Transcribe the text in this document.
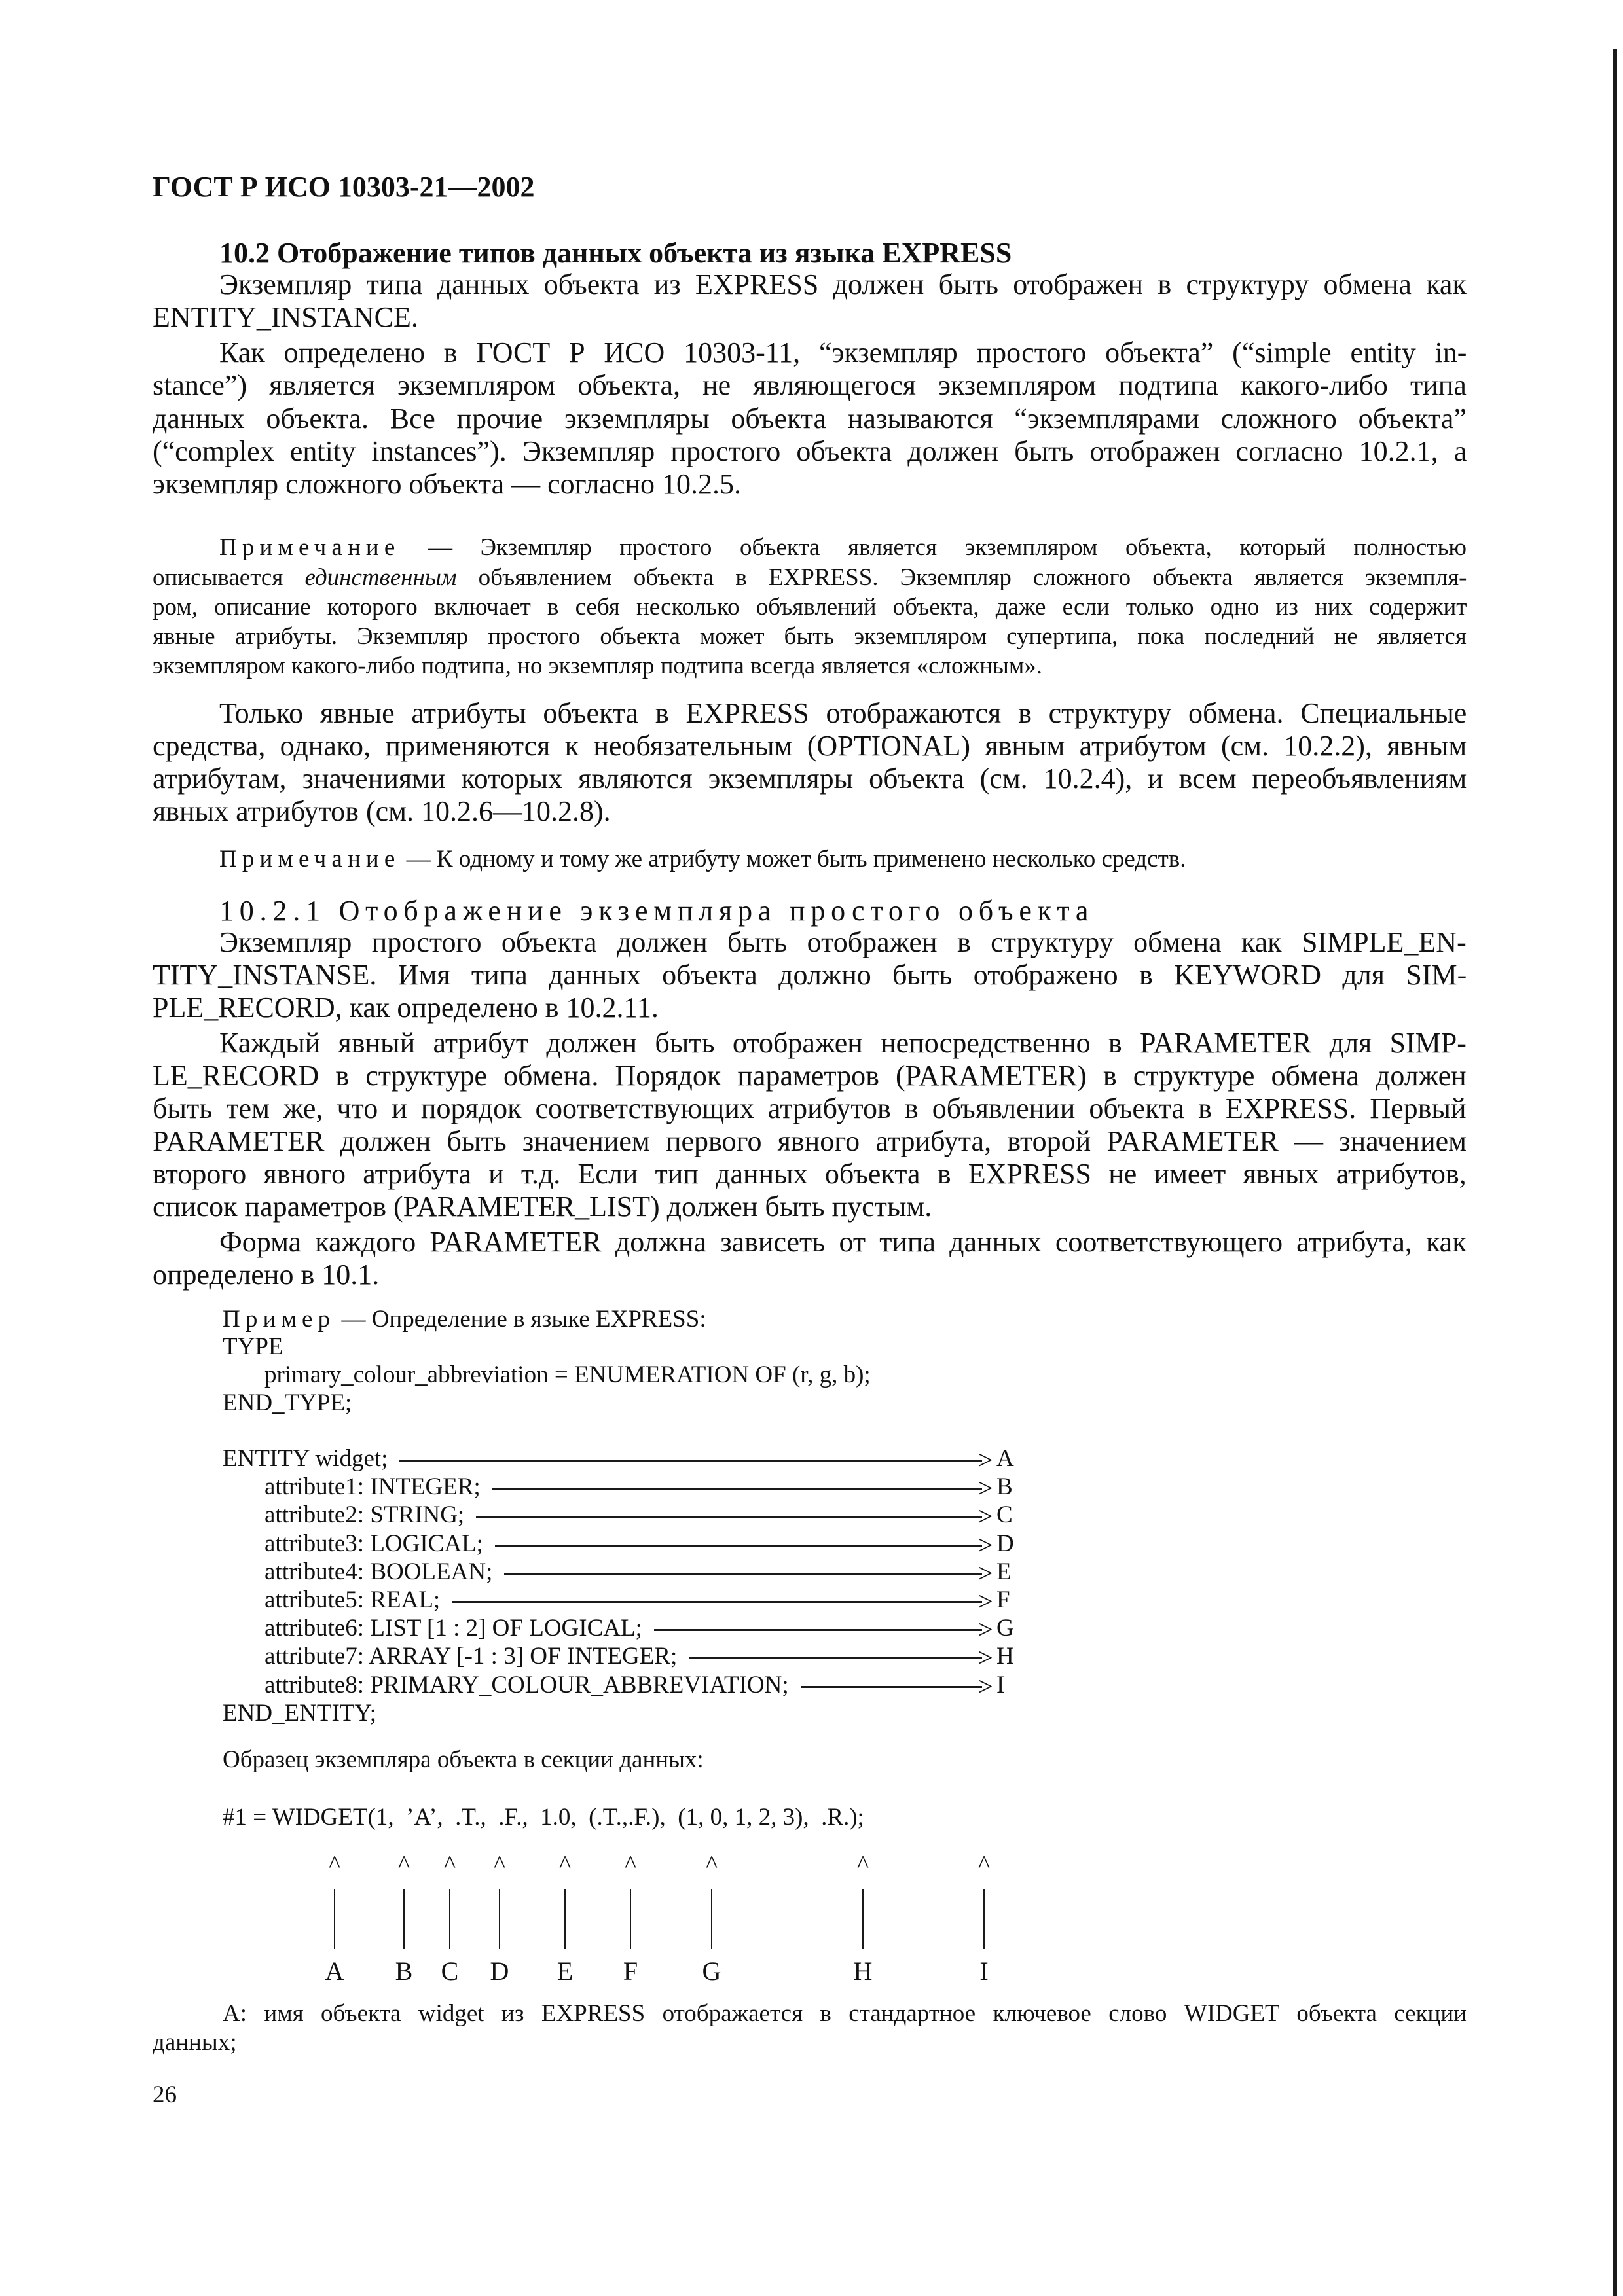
ГОСТ Р ИСО 10303-21—2002
10.2 Отображение типов данных объекта из языка EXPRESS
Экземпляр типа данных объекта из EXPRESS должен быть отображен в структуру обмена как
ENTITY_INSTANCE.
Как определено в ГОСТ Р ИСО 10303-11, “экземпляр простого объекта” (“simple entity in-
stance”) является экземпляром объекта, не являющегося экземпляром подтипа какого-либо типа
данных объекта. Все прочие экземпляры объекта называются “экземплярами сложного объекта”
(“complex entity instances”). Экземпляр простого объекта должен быть отображен согласно 10.2.1, а
экземпляр сложного объекта — согласно 10.2.5.
Примечание — Экземпляр простого объекта является экземпляром объекта, который полностью
описывается единственным объявлением объекта в EXPRESS. Экземпляр сложного объекта является экземпля-
ром, описание которого включает в себя несколько объявлений объекта, даже если только одно из них содержит
явные атрибуты. Экземпляр простого объекта может быть экземпляром супертипа, пока последний не является
экземпляром какого-либо подтипа, но экземпляр подтипа всегда является «сложным».
Только явные атрибуты объекта в EXPRESS отображаются в структуру обмена. Специальные
средства, однако, применяются к необязательным (OPTIONAL) явным атрибутом (см. 10.2.2), явным
атрибутам, значениями которых являются экземпляры объекта (см. 10.2.4), и всем переобъявлениям
явных атрибутов (см. 10.2.6—10.2.8).
Примечание — К одному и тому же атрибуту может быть применено несколько средств.
10.2.1 Отображение экземпляра простого объекта
Экземпляр простого объекта должен быть отображен в структуру обмена как SIMPLE_EN-
TITY_INSTANSE. Имя типа данных объекта должно быть отображено в KEYWORD для SIM-
PLE_RECORD, как определено в 10.2.11.
Каждый явный атрибут должен быть отображен непосредственно в PARAMETER для SIMP-
LE_RECORD в структуре обмена. Порядок параметров (PARAMETER) в структуре обмена должен
быть тем же, что и порядок соответствующих атрибутов в объявлении объекта в EXPRESS. Первый
PARAMETER должен быть значением первого явного атрибута, второй PARAMETER — значением
второго явного атрибута и т.д. Если тип данных объекта в EXPRESS не имеет явных атрибутов,
список параметров (PARAMETER_LIST) должен быть пустым.
Форма каждого PARAMETER должна зависеть от типа данных соответствующего атрибута, как
определено в 10.1.
Пример — Определение в языке EXPRESS:
TYPE
primary_colour_abbreviation = ENUMERATION OF (r, g, b);
END_TYPE;
ENTITY widget;	> A
attribute1: INTEGER;	> B
attribute2: STRING;	> C
attribute3: LOGICAL;	> D
attribute4: BOOLEAN;	> E
attribute5: REAL;	> F
attribute6: LIST [1 : 2] OF LOGICAL;	> G
attribute7: ARRAY [-1 : 3] OF INTEGER;	> H
attribute8: PRIMARY_COLOUR_ABBREVIATION;	> I
END_ENTITY;
Образец экземпляра объекта в секции данных:
#1 = WIDGET(1,  ’A’,  .T.,  .F.,  1.0,  (.T.,.F.),  (1, 0, 1, 2, 3),  .R.);
^
A
^
B
^
C
^
D
^
E
^
F
^
G
^
H
^
I
A: имя объекта widget из EXPRESS отображается в стандартное ключевое слово WIDGET объекта секции
данных;
26
